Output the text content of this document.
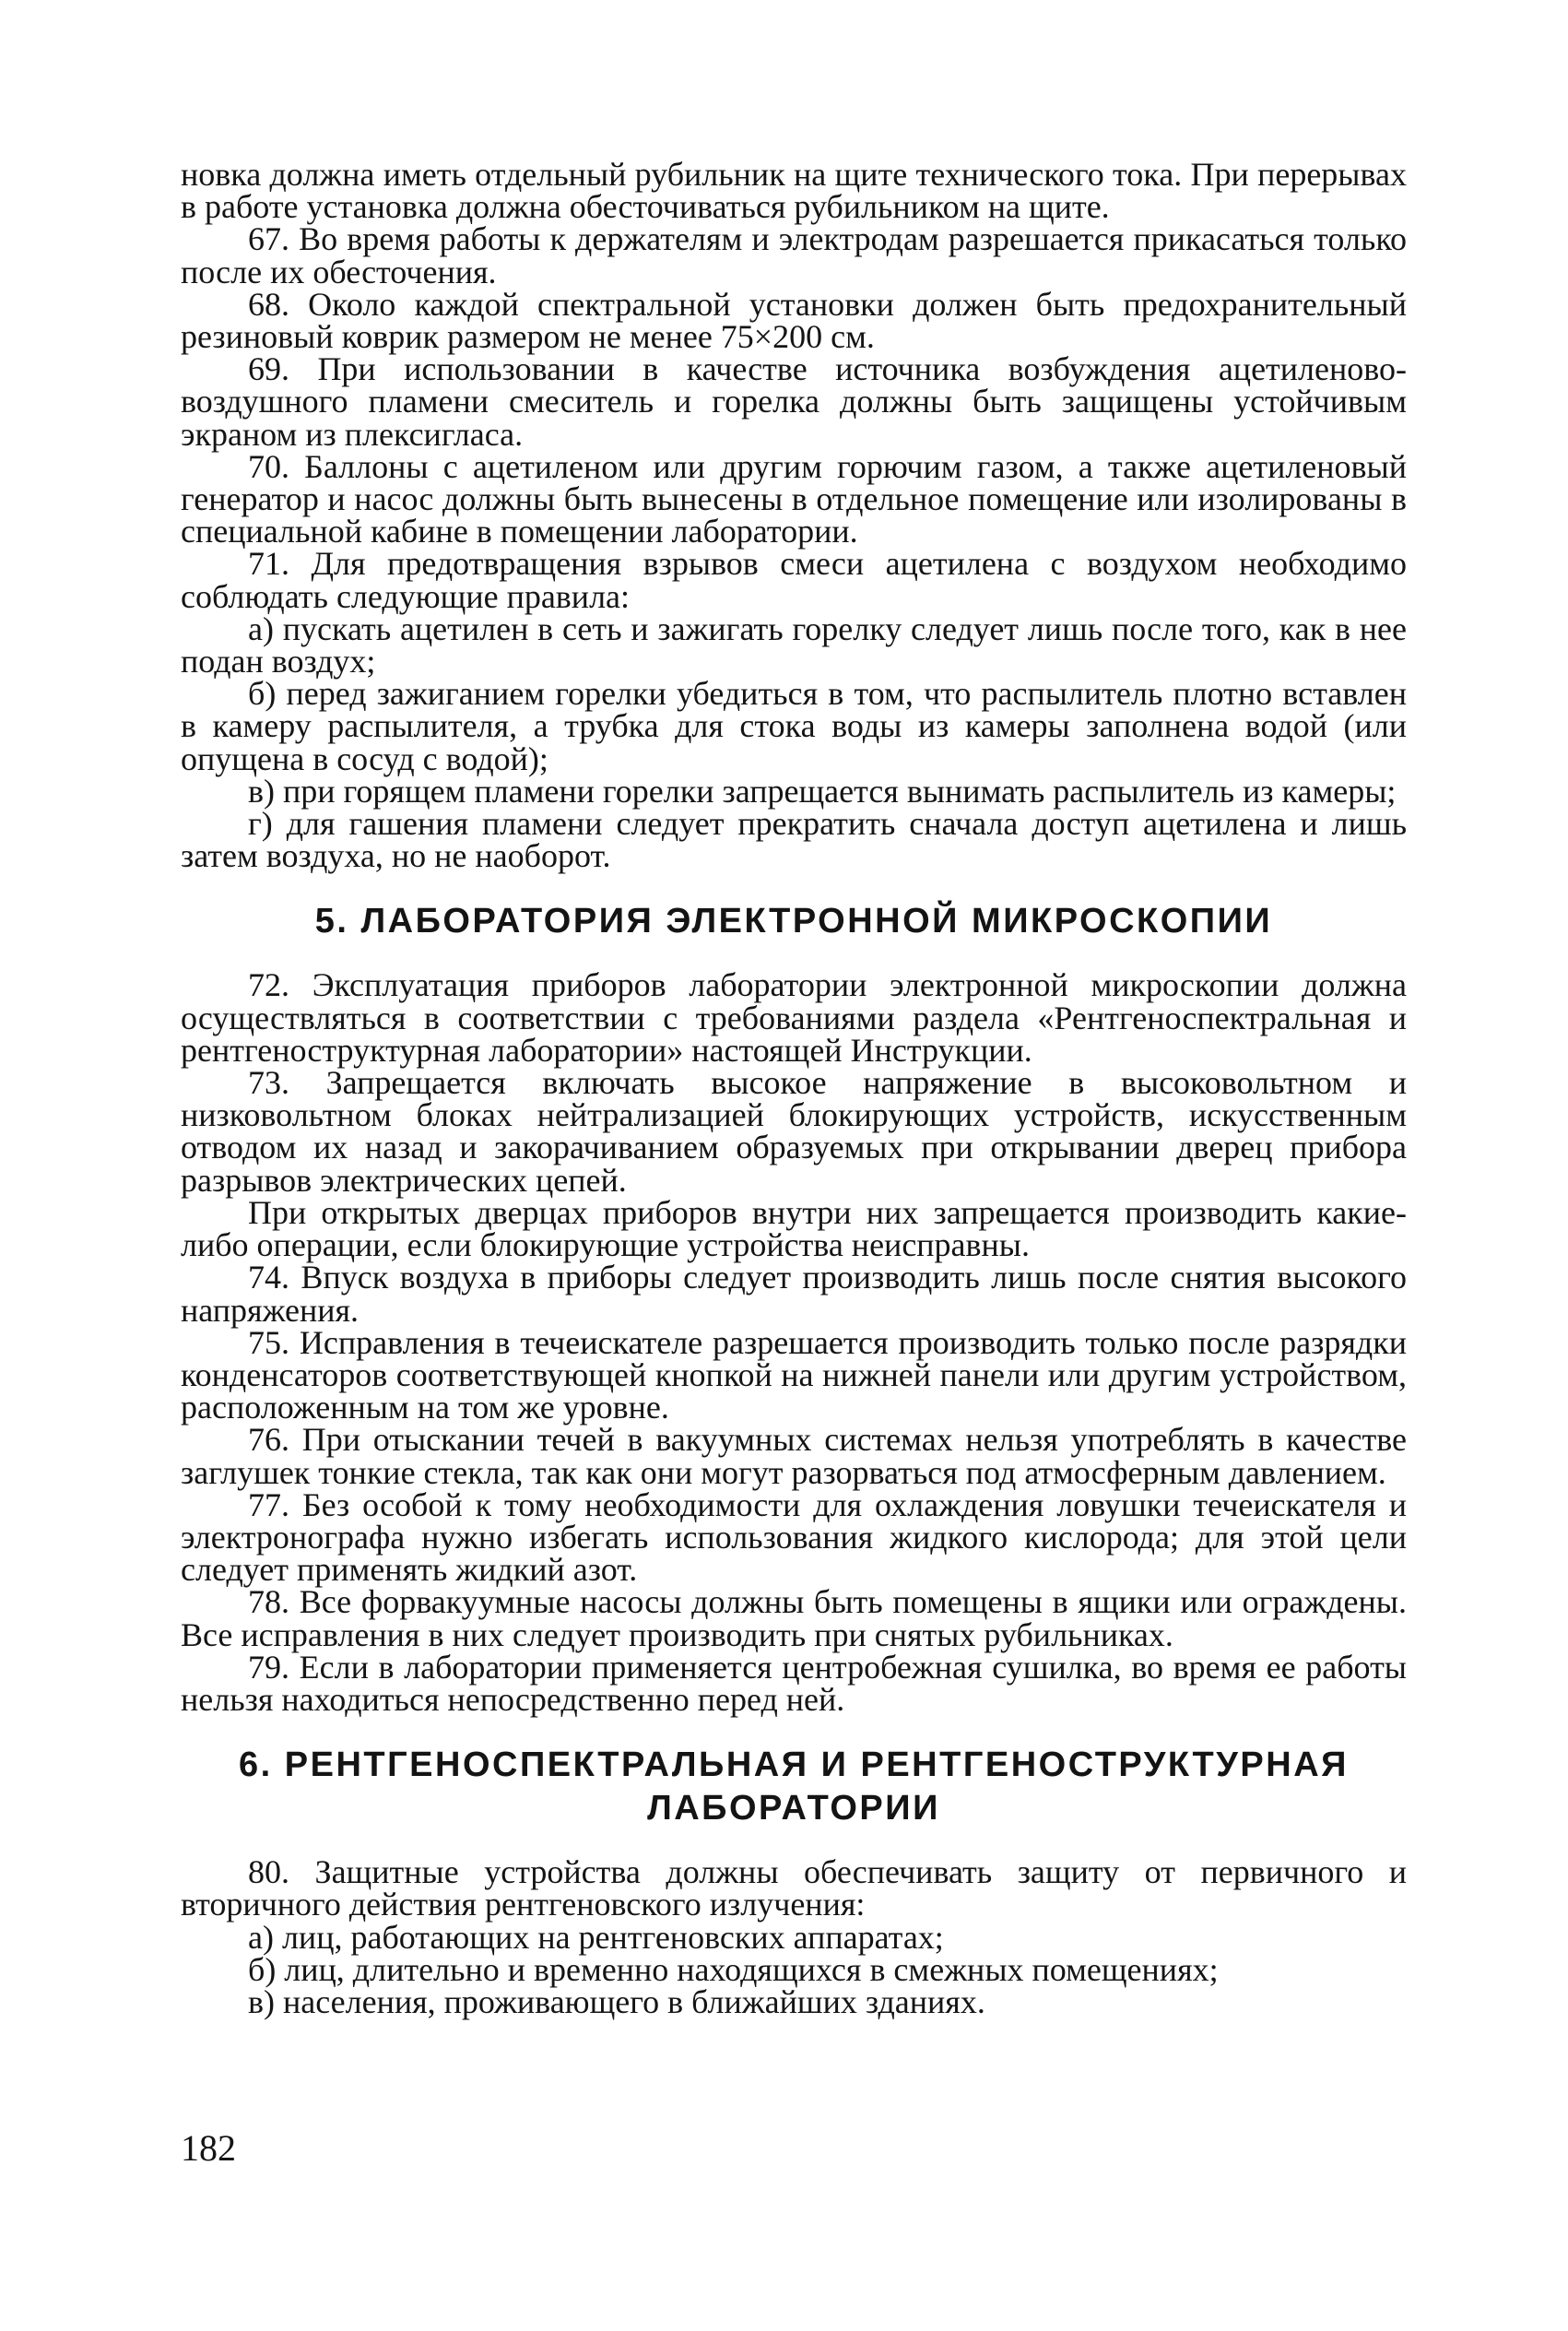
новка должна иметь отдельный рубильник на щите технического тока. При перерывах в работе установка должна обесточиваться рубильником на щите.

67. Во время работы к держателям и электродам разрешается прикасаться только после их обесточения.

68. Около каждой спектральной установки должен быть предохранительный резиновый коврик размером не менее 75×200 см.

69. При использовании в качестве источника возбуждения ацетиленово-воздушного пламени смеситель и горелка должны быть защищены устойчивым экраном из плексигласа.

70. Баллоны с ацетиленом или другим горючим газом, а также ацетиленовый генератор и насос должны быть вынесены в отдельное помещение или изолированы в специальной кабине в помещении лаборатории.

71. Для предотвращения взрывов смеси ацетилена с воздухом необходимо соблюдать следующие правила:

а) пускать ацетилен в сеть и зажигать горелку следует лишь после того, как в нее подан воздух;

б) перед зажиганием горелки убедиться в том, что распылитель плотно вставлен в камеру распылителя, а трубка для стока воды из камеры заполнена водой (или опущена в сосуд с водой);

в) при горящем пламени горелки запрещается вынимать распылитель из камеры;

г) для гашения пламени следует прекратить сначала доступ ацетилена и лишь затем воздуха, но не наоборот.

5. ЛАБОРАТОРИЯ ЭЛЕКТРОННОЙ МИКРОСКОПИИ

72. Эксплуатация приборов лаборатории электронной микроскопии должна осуществляться в соответствии с требованиями раздела «Рентгеноспектральная и рентгеноструктурная лаборатории» настоящей Инструкции.

73. Запрещается включать высокое напряжение в высоковольтном и низковольтном блоках нейтрализацией блокирующих устройств, искусственным отводом их назад и закорачиванием образуемых при открывании дверец прибора разрывов электрических цепей.

При открытых дверцах приборов внутри них запрещается производить какие-либо операции, если блокирующие устройства неисправны.

74. Впуск воздуха в приборы следует производить лишь после снятия высокого напряжения.

75. Исправления в течеискателе разрешается производить только после разрядки конденсаторов соответствующей кнопкой на нижней панели или другим устройством, расположенным на том же уровне.

76. При отыскании течей в вакуумных системах нельзя употреблять в качестве заглушек тонкие стекла, так как они могут разорваться под атмосферным давлением.

77. Без особой к тому необходимости для охлаждения ловушки течеискателя и электронографа нужно избегать использования жидкого кислорода; для этой цели следует применять жидкий азот.

78. Все форвакуумные насосы должны быть помещены в ящики или ограждены. Все исправления в них следует производить при снятых рубильниках.

79. Если в лаборатории применяется центробежная сушилка, во время ее работы нельзя находиться непосредственно перед ней.

6. РЕНТГЕНОСПЕКТРАЛЬНАЯ И РЕНТГЕНОСТРУКТУРНАЯ
ЛАБОРАТОРИИ

80. Защитные устройства должны обеспечивать защиту от первичного и вторичного действия рентгеновского излучения:

а) лиц, работающих на рентгеновских аппаратах;

б) лиц, длительно и временно находящихся в смежных помещениях;

в) населения, проживающего в ближайших зданиях.

182
